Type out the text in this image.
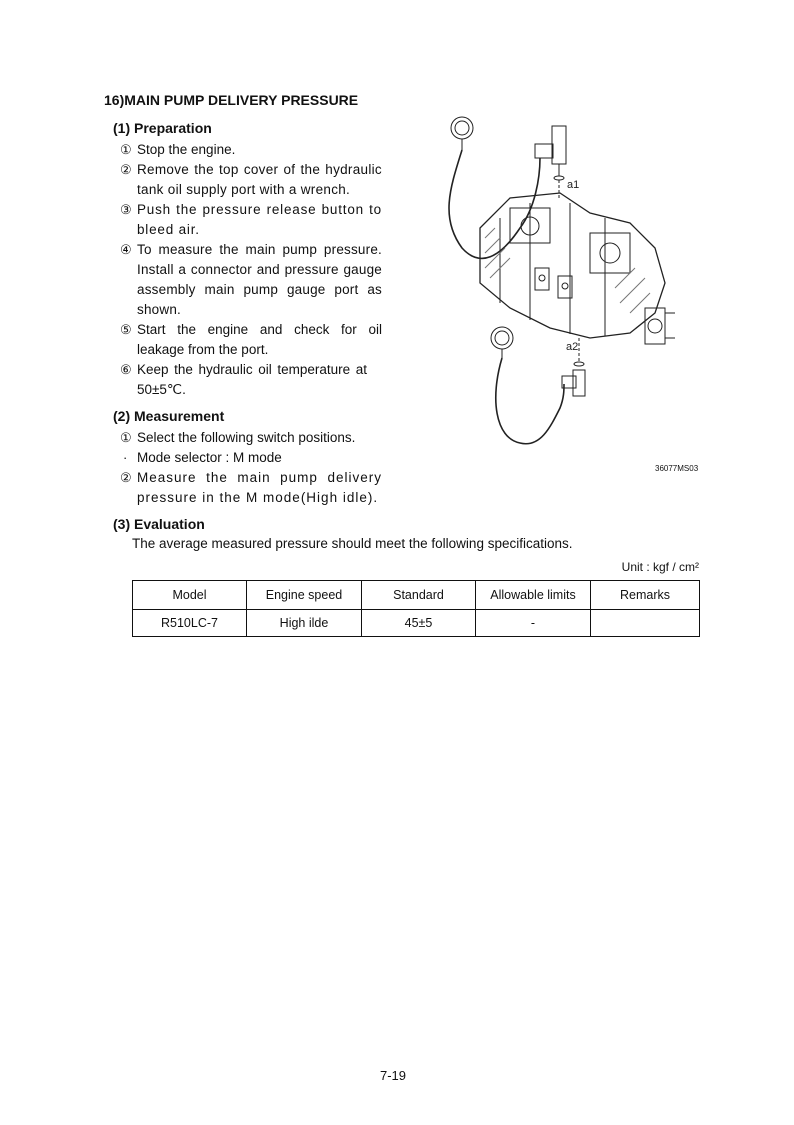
16)MAIN PUMP DELIVERY PRESSURE
(1) Preparation
① Stop the engine.
② Remove the top cover of the hydraulic tank oil supply port with a wrench.
③ Push the pressure release button to bleed air.
④ To measure the main pump pressure. Install a connector and pressure gauge assembly main pump gauge port as shown.
⑤ Start the engine and check for oil leakage from the port.
⑥ Keep the hydraulic oil temperature at 50±5℃.
(2) Measurement
① Select the following switch positions.
· Mode selector : M mode
② Measure the main pump delivery pressure in the M mode(High idle).
a1
a2
36077MS03
(3) Evaluation
The average measured pressure should meet the following specifications.
Unit : kgf / cm²
Model	Engine speed	Standard	Allowable limits	Remarks
R510LC-7	High ilde	45±5	-	
7-19
